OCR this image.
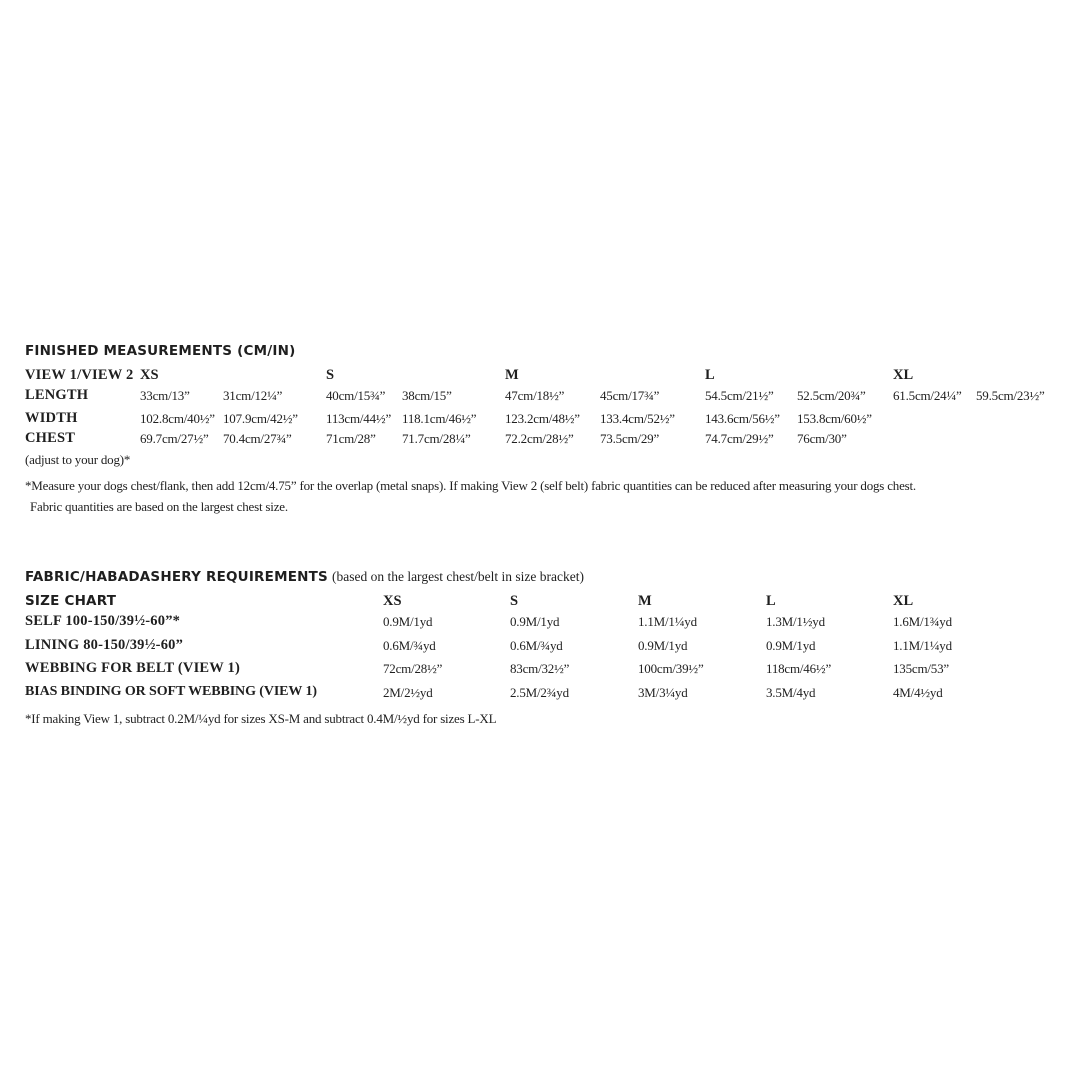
FINISHED MEASUREMENTS (CM/IN)
VIEW 1/VIEW 2 XS	S	M	L	XL
LENGTH	33cm/13”	31cm/12¼”	40cm/15¾” 38cm/15”	47cm/18½”	45cm/17¾”	54.5cm/21½” 52.5cm/20¾” 61.5cm/24¼” 59.5cm/23½”
WIDTH	102.8cm/40½” 107.9cm/42½” 113cm/44½” 118.1cm/46½” 123.2cm/48½” 133.4cm/52½” 143.6cm/56½” 153.8cm/60½”
CHEST	69.7cm/27½” 70.4cm/27¾”	71cm/28” 71.7cm/28¼”	72.2cm/28½” 73.5cm/29”	74.7cm/29½” 76cm/30”
(adjust to your dog)*
*Measure your dogs chest/flank, then add 12cm/4.75” for the overlap (metal snaps). If making View 2 (self belt) fabric quantities can be reduced after measuring your dogs chest.
Fabric quantities are based on the largest chest size.
FABRIC/HABADASHERY REQUIREMENTS (based on the largest chest/belt in size bracket)
SIZE CHART	XS	S	M	L	XL
SELF 100-150/39½-60”*	0.9M/1yd	0.9M/1yd	1.1M/1¼yd	1.3M/1½yd	1.6M/1¾yd
LINING 80-150/39½-60”	0.6M/¾yd	0.6M/¾yd	0.9M/1yd	0.9M/1yd	1.1M/1¼yd
WEBBING FOR BELT (VIEW 1)	72cm/28½”	83cm/32½”	100cm/39½”	118cm/46½”	135cm/53”
BIAS BINDING OR SOFT WEBBING (VIEW 1)	2M/2½yd	2.5M/2¾yd	3M/3¼yd	3.5M/4yd	4M/4½yd
*If making View 1, subtract 0.2M/¼yd for sizes XS-M and subtract 0.4M/½yd for sizes L-XL
